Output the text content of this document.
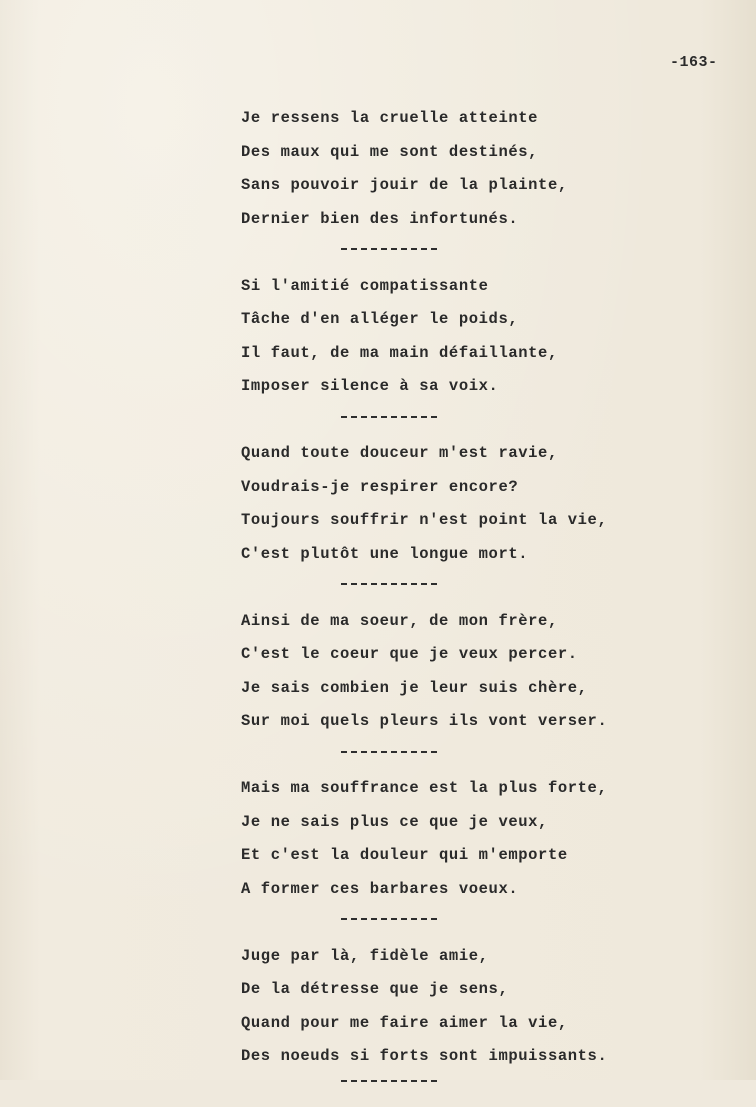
-163-
Je ressens la cruelle atteinte
Des maux qui me sont destinés,
Sans pouvoir jouir de la plainte,
Dernier bien des infortunés.
Si l'amitié compatissante
Tâche d'en alléger le poids,
Il faut, de ma main défaillante,
Imposer silence à sa voix.
Quand toute douceur m'est ravie,
Voudrais-je respirer encore?
Toujours souffrir n'est point la vie,
C'est plutôt une longue mort.
Ainsi de ma soeur, de mon frère,
C'est le coeur que je veux percer.
Je sais combien je leur suis chère,
Sur moi quels pleurs ils vont verser.
Mais ma souffrance est la plus forte,
Je ne sais plus ce que je veux,
Et c'est la douleur qui m'emporte
A former ces barbares voeux.
Juge par là, fidèle amie,
De la détresse que je sens,
Quand pour me faire aimer la vie,
Des noeuds si forts sont impuissants.
